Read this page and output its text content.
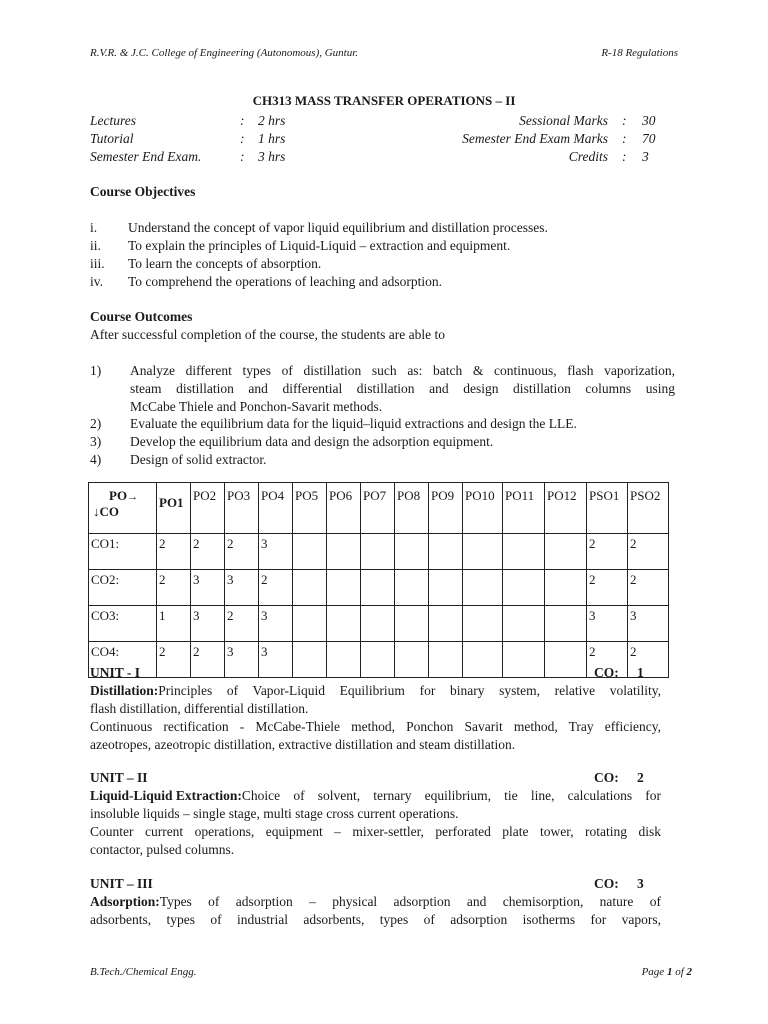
R.V.R. & J.C. College of Engineering (Autonomous), Guntur.	R-18 Regulations
CH313 MASS TRANSFER OPERATIONS – II
Lectures	: 2 hrs
Tutorial	: 1 hrs
Semester End Exam.	: 3 hrs
Sessional Marks : 30
Semester End Exam Marks : 70
Credits : 3
Course Objectives
i. Understand the concept of vapor liquid equilibrium and distillation processes.
ii. To explain the principles of Liquid-Liquid – extraction and equipment.
iii. To learn the concepts of absorption.
iv. To comprehend the operations of leaching and adsorption.
Course Outcomes
After successful completion of the course, the students are able to
1) Analyze different types of distillation such as: batch & continuous, flash vaporization,
steam distillation and differential distillation and design distillation columns using
McCabe Thiele and Ponchon-Savarit methods.
2) Evaluate the equilibrium data for the liquid–liquid extractions and design the LLE.
3) Develop the equilibrium data and design the adsorption equipment.
4) Design of solid extractor.
PO→
↓CO	PO1	PO2	PO3	PO4	PO5	PO6	PO7	PO8	PO9	PO10	PO11	PO12	PSO1	PSO2
CO1:	2	2	2	3									2	2
CO2:	2	3	3	2									2	2
CO3:	1	3	2	3									3	3
CO4:	2	2	3	3									2	2
UNIT - I	CO: 1
Distillation: Principles of Vapor-Liquid Equilibrium for binary system, relative volatility,
flash distillation, differential distillation.
Continuous rectification - McCabe-Thiele method, Ponchon Savarit method, Tray efficiency,
azeotropes, azeotropic distillation, extractive distillation and steam distillation.
UNIT – II	CO: 2
Liquid-Liquid Extraction: Choice of solvent, ternary equilibrium, tie line, calculations for
insoluble liquids – single stage, multi stage cross current operations.
Counter current operations, equipment – mixer-settler, perforated plate tower, rotating disk
contactor, pulsed columns.
UNIT – III	CO: 3
Adsorption: Types of adsorption – physical adsorption and chemisorption, nature of
adsorbents, types of industrial adsorbents, types of adsorption isotherms for vapors,
B.Tech./Chemical Engg.	Page 1 of 2
